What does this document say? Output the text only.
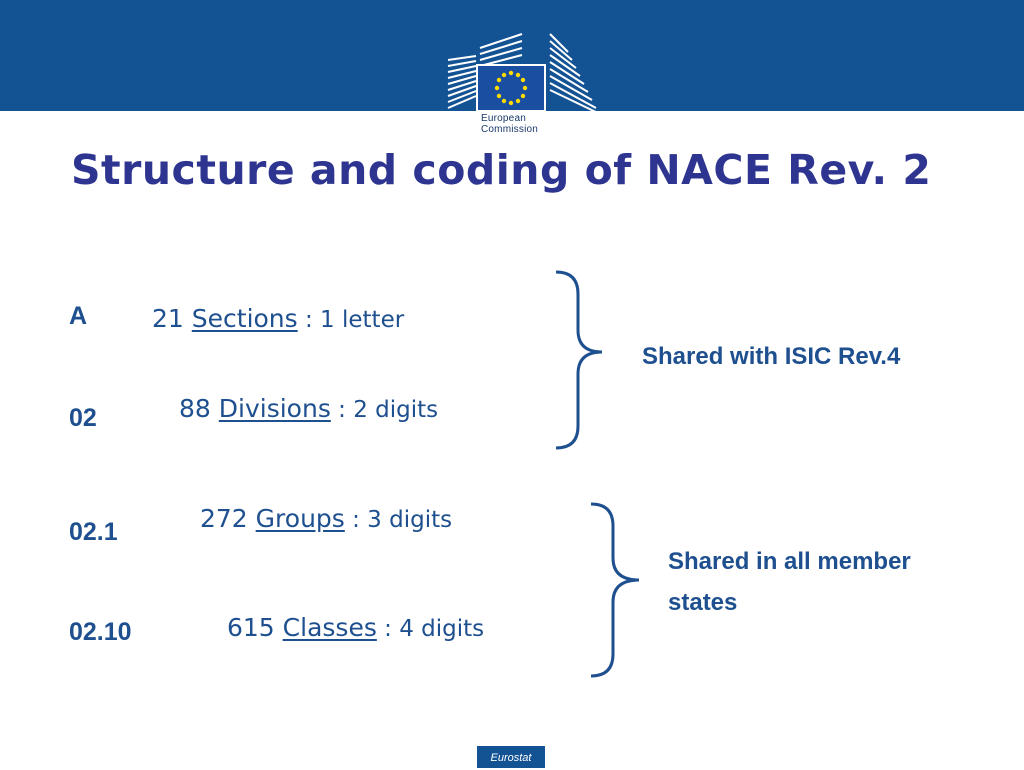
European
Commission
Structure and coding of NACE Rev. 2
A
02
02.1
02.10
21 Sections : 1 letter
88 Divisions : 2 digits
272 Groups : 3 digits
615 Classes : 4 digits
Shared with ISIC Rev.4
Shared in all member
states
Eurostat
